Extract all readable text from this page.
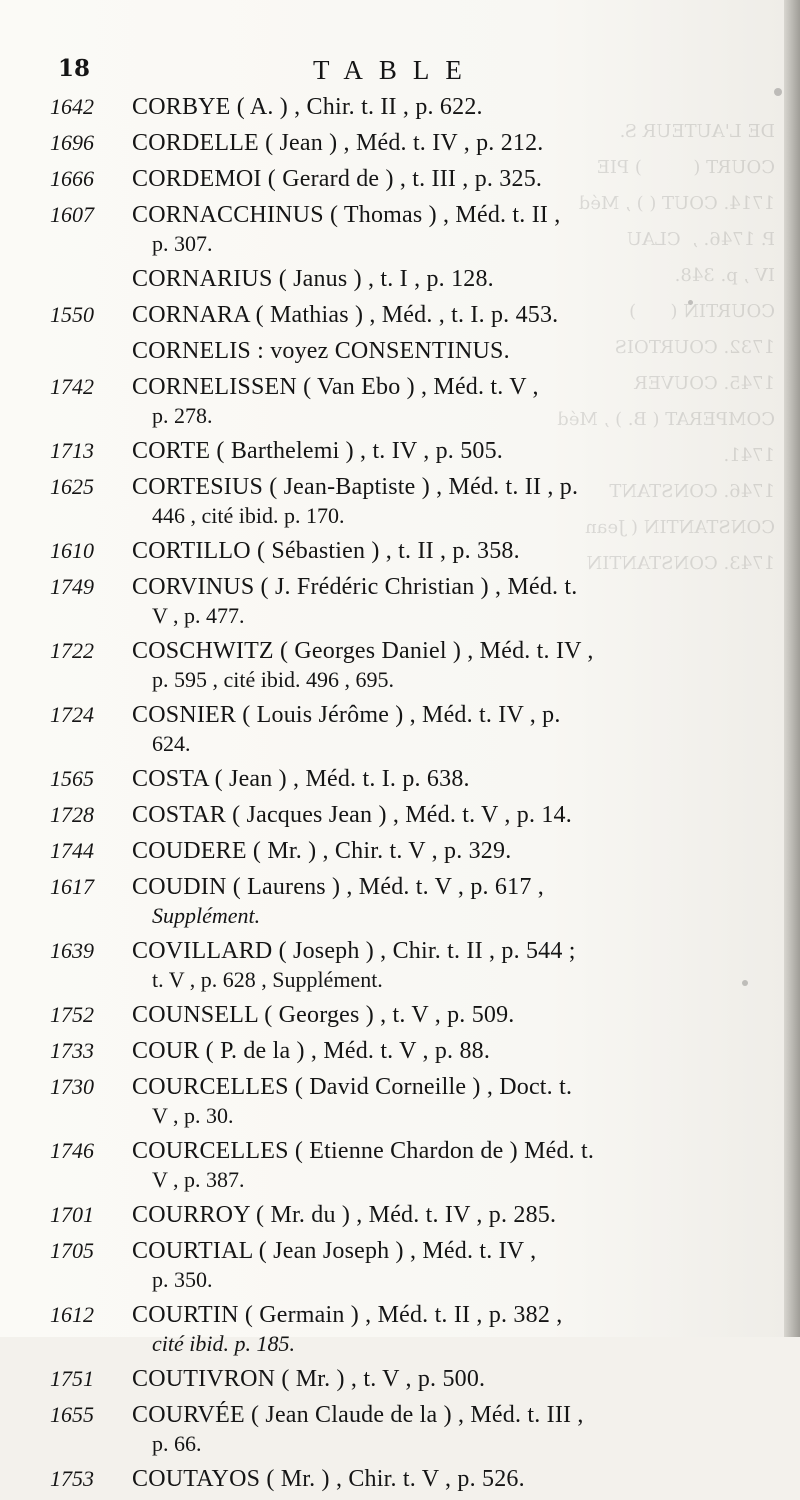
DE L'AUTEUR S.
COURT (         ) PIE
1714. COUT ( ) , Méd
P. 1746. ,  CLAU
IV , p. 348.
COURTIN (      )
1732. COURTOIS
1745. COUVER
COMPERAT ( B. ) , Méd
1741.
1746. CONSTANT
CONSTANTIN ( Jean
1743. CONSTANTIN

18	TABLE
1642	CORBYE ( A. ) , Chir. t. II , p. 622.
1696	CORDELLE ( Jean ) , Méd. t. IV , p. 212.
1666	CORDEMOI ( Gerard de ) , t. III , p. 325.
1607	CORNACCHINUS ( Thomas ) , Méd. t. II ,
p. 307.
CORNARIUS ( Janus ) , t. I , p. 128.
1550	CORNARA ( Mathias ) , Méd. , t. I. p. 453.
CORNELIS : voyez CONSENTINUS.
1742	CORNELISSEN ( Van Ebo ) , Méd. t. V ,
p. 278.
1713	CORTE ( Barthelemi ) , t. IV , p. 505.
1625	CORTESIUS ( Jean-Baptiste ) , Méd. t. II , p.
446 , cité ibid. p. 170.
1610	CORTILLO ( Sébastien ) , t. II , p. 358.
1749	CORVINUS ( J. Frédéric Christian ) , Méd. t.
V , p. 477.
1722	COSCHWITZ ( Georges Daniel ) , Méd. t. IV ,
p. 595 , cité ibid. 496 , 695.
1724	COSNIER ( Louis Jérôme ) , Méd. t. IV , p.
624.
1565	COSTA ( Jean ) , Méd. t. I. p. 638.
1728	COSTAR ( Jacques Jean ) , Méd. t. V , p. 14.
1744	COUDERE ( Mr. ) , Chir. t. V , p. 329.
1617	COUDIN ( Laurens ) , Méd. t. V , p. 617 ,
Supplément.
1639	COVILLARD ( Joseph ) , Chir. t. II , p. 544 ;
t. V , p. 628 , Supplément.
1752	COUNSELL ( Georges ) , t. V , p. 509.
1733	COUR ( P. de la ) , Méd. t. V , p. 88.
1730	COURCELLES ( David Corneille ) , Doct. t.
V , p. 30.
1746	COURCELLES ( Etienne Chardon de ) Méd. t.
V , p. 387.
1701	COURROY ( Mr. du ) , Méd. t. IV , p. 285.
1705	COURTIAL ( Jean Joseph ) , Méd. t. IV ,
p. 350.
1612	COURTIN ( Germain ) , Méd. t. II , p. 382 ,
cité ibid. p. 185.
1751	COUTIVRON ( Mr. ) , t. V , p. 500.
1655	COURVÉE ( Jean Claude de la ) , Méd. t. III ,
p. 66.
1753	COUTAYOS ( Mr. ) , Chir. t. V , p. 526.
